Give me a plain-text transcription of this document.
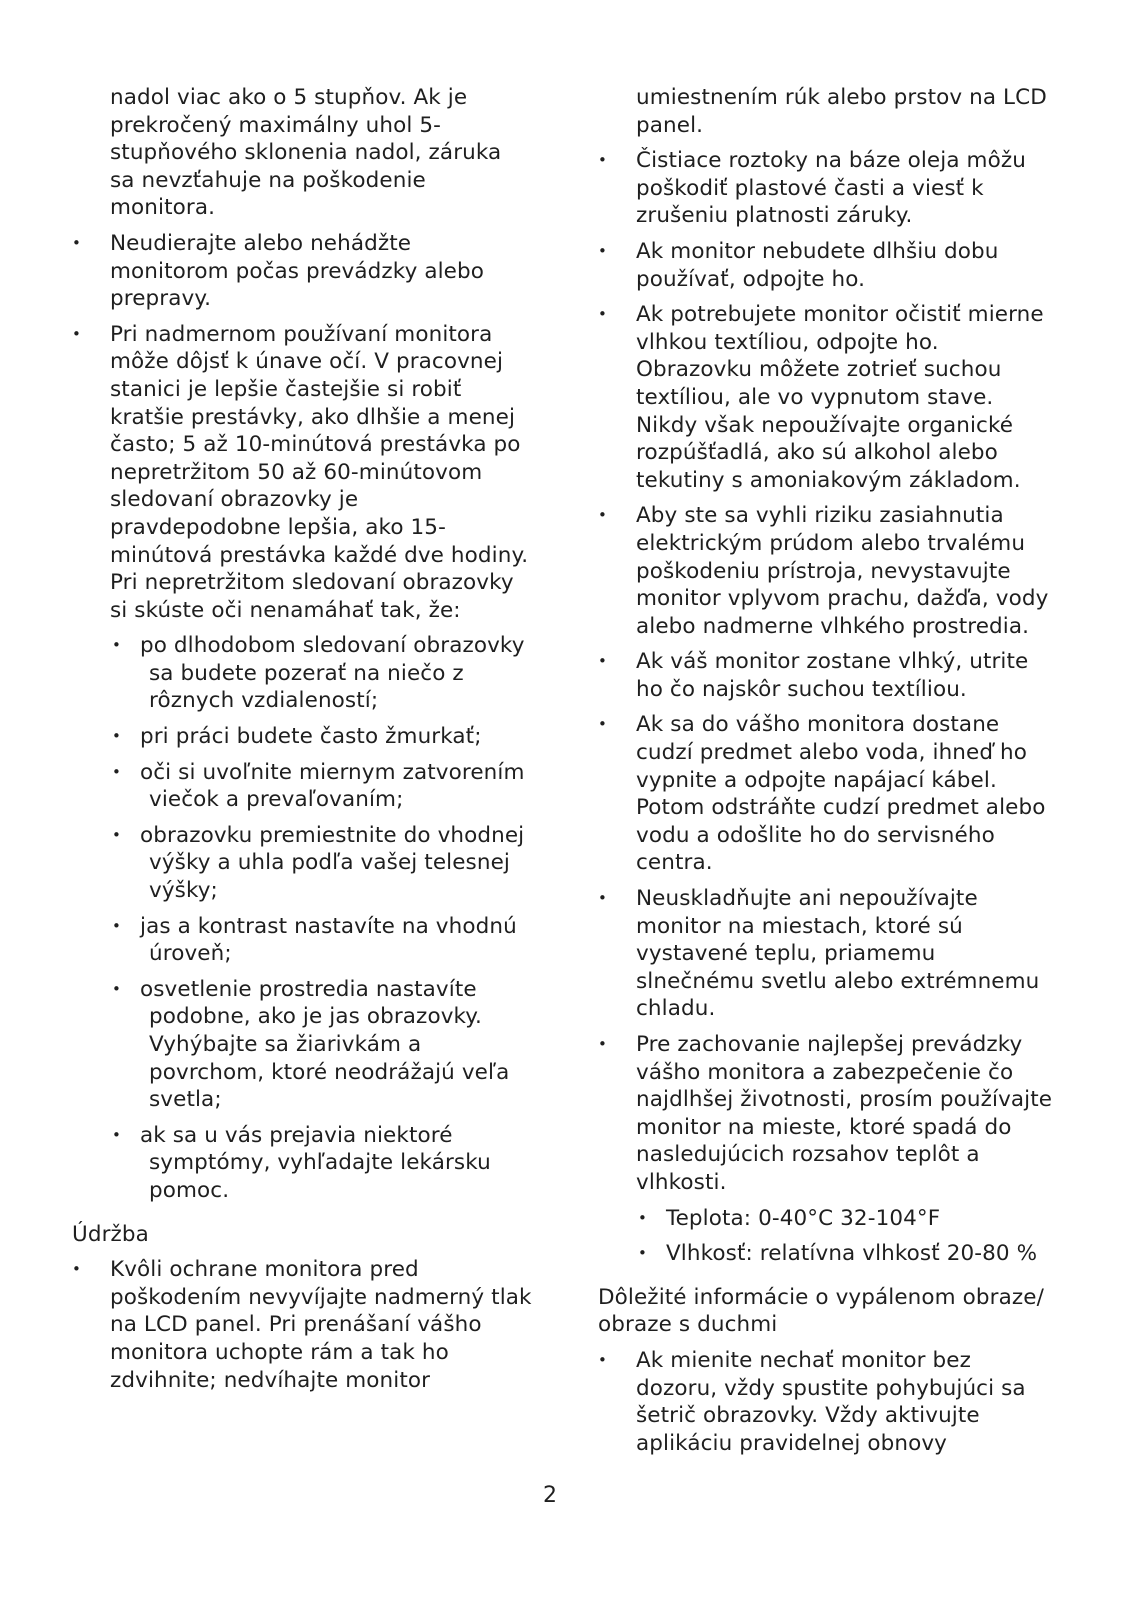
nadol viac ako o 5 stupňov. Ak je prekročený maximálny uhol 5-stupňového sklonenia nadol, záruka sa nevzťahuje na poškodenie monitora.
• Neudierajte alebo nehádžte monitorom počas prevádzky alebo prepravy.
• Pri nadmernom používaní monitora môže dôjsť k únave očí. V pracovnej stanici je lepšie častejšie si robiť kratšie prestávky, ako dlhšie a menej často; 5 až 10-minútová prestávka po nepretržitom 50 až 60-minútovom sledovaní obrazovky je pravdepodobne lepšia, ako 15-minútová prestávka každé dve hodiny. Pri nepretržitom sledovaní obrazovky si skúste oči nenamáhať tak, že:
• po dlhodobom sledovaní obrazovky sa budete pozerať na niečo z rôznych vzdialeností;
• pri práci budete často žmurkať;
• oči si uvoľnite miernym zatvorením viečok a prevaľovaním;
• obrazovku premiestnite do vhodnej výšky a uhla podľa vašej telesnej výšky;
• jas a kontrast nastavíte na vhodnú úroveň;
• osvetlenie prostredia nastavíte podobne, ako je jas obrazovky. Vyhýbajte sa žiarivkám a povrchom, ktoré neodrážajú veľa svetla;
• ak sa u vás prejavia niektoré symptómy, vyhľadajte lekársku pomoc.
Údržba
• Kvôli ochrane monitora pred poškodením nevyvíjajte nadmerný tlak na LCD panel. Pri prenášaní vášho monitora uchopte rám a tak ho zdvihnite; nedvíhajte monitor
umiestnením rúk alebo prstov na LCD panel.
• Čistiace roztoky na báze oleja môžu poškodiť plastové časti a viesť k zrušeniu platnosti záruky.
• Ak monitor nebudete dlhšiu dobu používať, odpojte ho.
• Ak potrebujete monitor očistiť mierne vlhkou textíliou, odpojte ho. Obrazovku môžete zotrieť suchou textíliou, ale vo vypnutom stave. Nikdy však nepoužívajte organické rozpúšťadlá, ako sú alkohol alebo tekutiny s amoniakovým základom.
• Aby ste sa vyhli riziku zasiahnutia elektrickým prúdom alebo trvalému poškodeniu prístroja, nevystavujte monitor vplyvom prachu, dažďa, vody alebo nadmerne vlhkého prostredia.
• Ak váš monitor zostane vlhký, utrite ho čo najskôr suchou textíliou.
• Ak sa do vášho monitora dostane cudzí predmet alebo voda, ihneď ho vypnite a odpojte napájací kábel. Potom odstráňte cudzí predmet alebo vodu a odošlite ho do servisného centra.
• Neuskladňujte ani nepoužívajte monitor na miestach, ktoré sú vystavené teplu, priamemu slnečnému svetlu alebo extrémnemu chladu.
• Pre zachovanie najlepšej prevádzky vášho monitora a zabezpečenie čo najdlhšej životnosti, prosím používajte monitor na mieste, ktoré spadá do nasledujúcich rozsahov teplôt a vlhkosti.
• Teplota: 0-40°C 32-104°F
• Vlhkosť: relatívna vlhkosť 20-80 %
Dôležité informácie o vypálenom obraze/ obraze s duchmi
• Ak mienite nechať monitor bez dozoru, vždy spustite pohybujúci sa šetrič obrazovky. Vždy aktivujte aplikáciu pravidelnej obnovy
2
